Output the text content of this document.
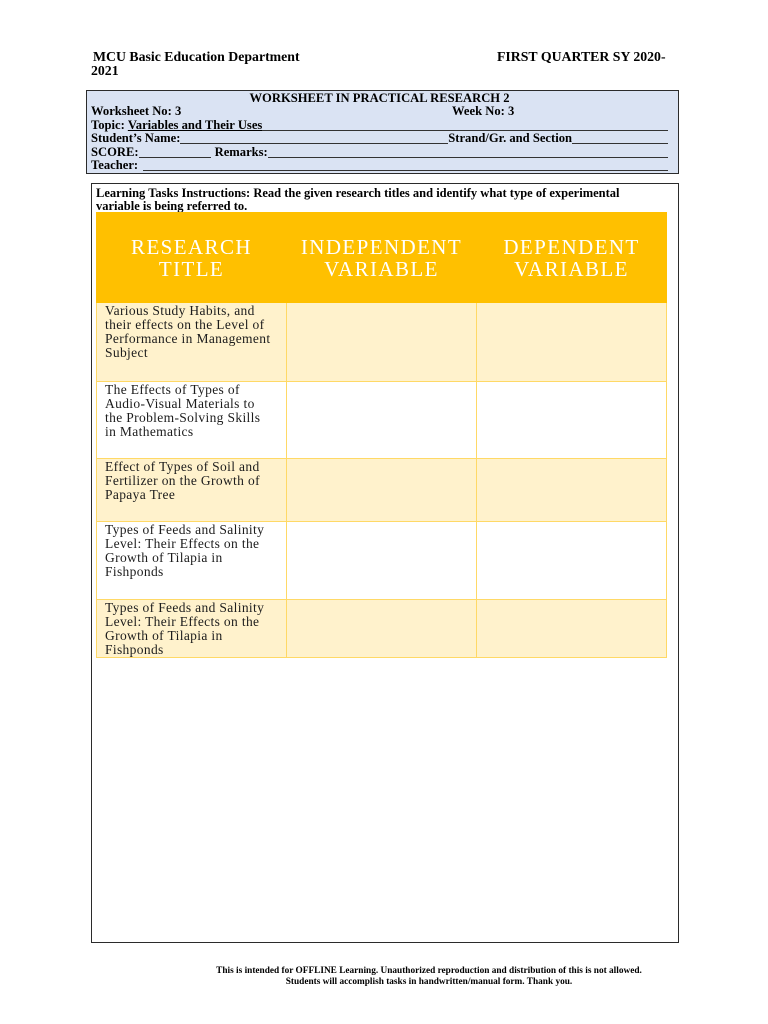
MCU Basic Education Department	FIRST QUARTER SY 2020-
2021
WORKSHEET IN PRACTICAL RESEARCH 2
Worksheet No: 3	Week No: 3
Topic: Variables and Their Uses
Student’s Name:	Strand/Gr. and Section
SCORE:	Remarks:
Teacher:
Learning Tasks Instructions: Read the given research titles and identify what type of experimental
variable is being referred to.
RESEARCH TITLE	INDEPENDENT VARIABLE	DEPENDENT VARIABLE
Various Study Habits, and
their effects on the Level of
Performance in Management
Subject		
The Effects of Types of
Audio-Visual Materials to
the Problem-Solving Skills
in Mathematics		
Effect of Types of Soil and
Fertilizer on the Growth of
Papaya Tree		
Types of Feeds and Salinity
Level: Their Effects on the
Growth of Tilapia in
Fishponds		
Types of Feeds and Salinity
Level: Their Effects on the
Growth of Tilapia in
Fishponds		
This is intended for OFFLINE Learning. Unauthorized reproduction and distribution of this is not allowed.
Students will accomplish tasks in handwritten/manual form. Thank you.
